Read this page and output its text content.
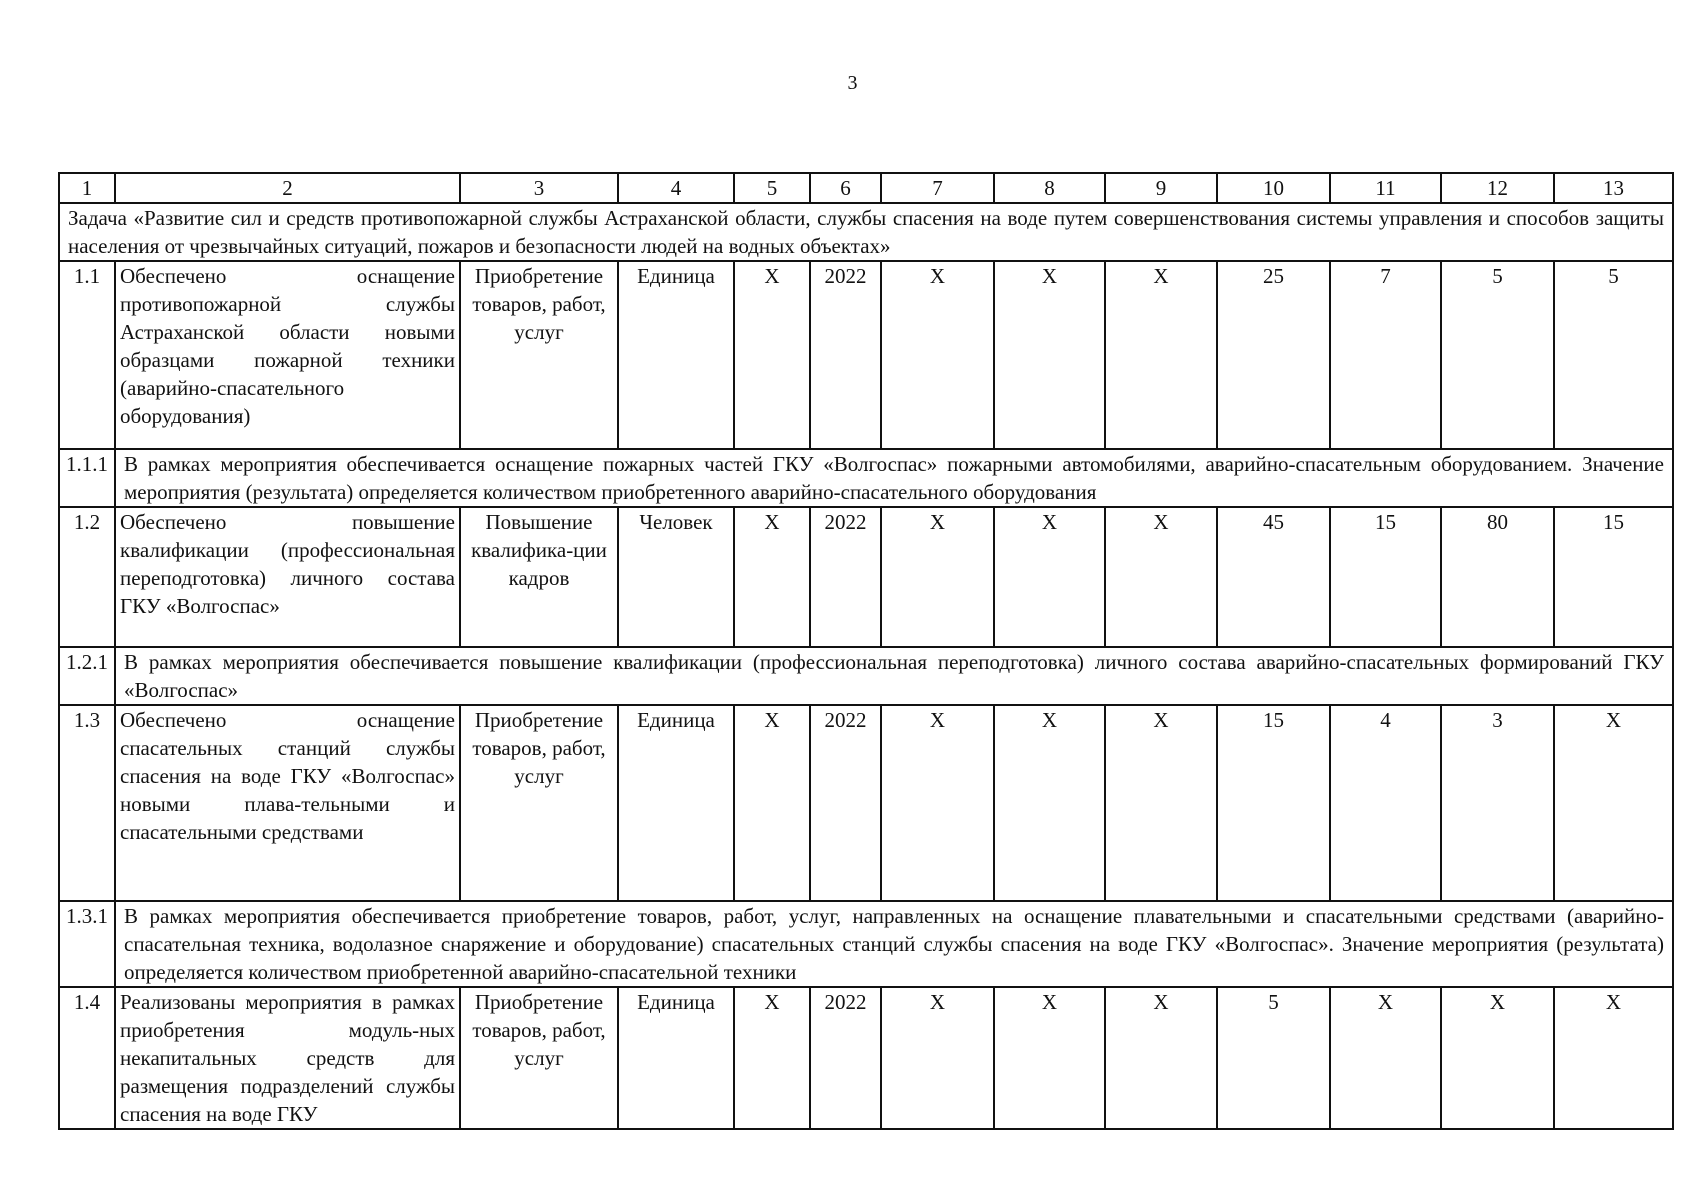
3
1	2	3	4	5	6	7	8	9	10	11	12	13
Задача «Развитие сил и средств противопожарной службы Астраханской области, службы спасения на воде путем совершенствования системы управления и способов защиты населения от чрезвычайных ситуаций, пожаров и безопасности людей на водных объектах»												
1.1	Обеспечено оснащение противопожарной службы Астраханской области новыми образцами пожарной техники (аварийно-спасательного оборудования)	Приобретение товаров, работ, услуг	Единица	Х	2022	Х	Х	Х	25	7	5	5
1.1.1	В рамках мероприятия обеспечивается оснащение пожарных частей ГКУ «Волгоспас» пожарными автомобилями, аварийно-спасательным оборудованием. Значение мероприятия (результата) определяется количеством приобретенного аварийно-спасательного оборудования											
1.2	Обеспечено повышение квалификации (профессиональная переподготовка) личного состава ГКУ «Волгоспас»	Повышение квалифика-ции кадров	Человек	Х	2022	Х	Х	Х	45	15	80	15
1.2.1	В рамках мероприятия обеспечивается повышение квалификации (профессиональная переподготовка) личного состава аварийно-спасательных формирований ГКУ «Волгоспас»											
1.3	Обеспечено оснащение спасательных станций службы спасения на воде ГКУ «Волгоспас» новыми плава-тельными и спасательными средствами	Приобретение товаров, работ, услуг	Единица	Х	2022	Х	Х	Х	15	4	3	Х
1.3.1	В рамках мероприятия обеспечивается приобретение товаров, работ, услуг, направленных на оснащение плавательными и спасательными средствами (аварийно-спасательная техника, водолазное снаряжение и оборудование) спасательных станций службы спасения на воде ГКУ «Волгоспас». Значение мероприятия (результата) определяется количеством приобретенной аварийно-спасательной техники											
1.4	Реализованы мероприятия в рамках приобретения модуль-ных некапитальных средств для размещения подразделений службы спасения на воде ГКУ	Приобретение товаров, работ, услуг	Единица	Х	2022	Х	Х	Х	5	Х	Х	Х
